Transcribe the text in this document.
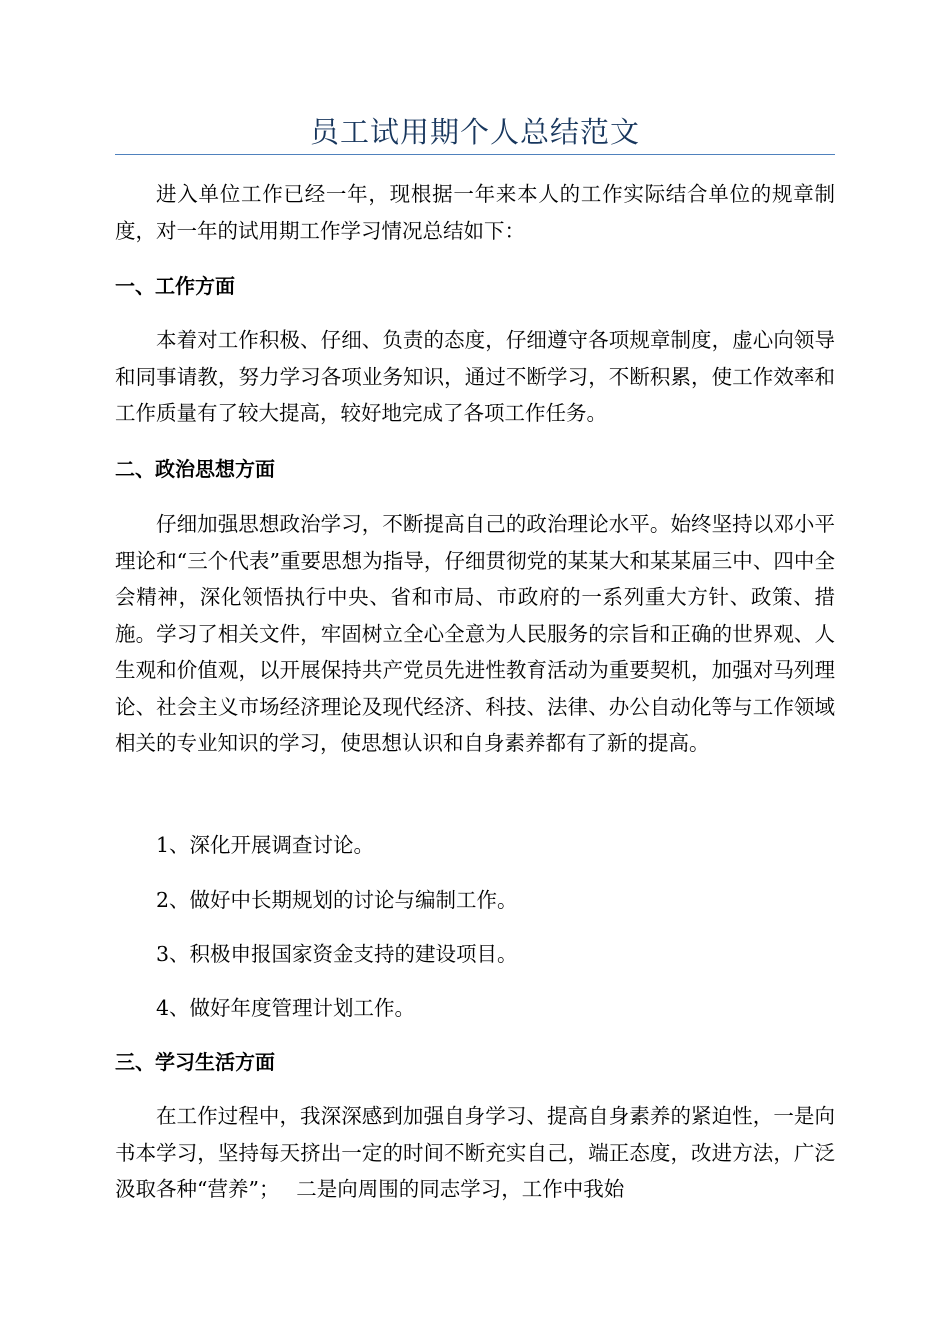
员工试用期个人总结范文

进入单位工作已经一年，现根据一年来本人的工作实际结合单位的规章制度，对一年的试用期工作学习情况总结如下：

一、工作方面

本着对工作积极、仔细、负责的态度，仔细遵守各项规章制度，虚心向领导和同事请教，努力学习各项业务知识，通过不断学习，不断积累，使工作效率和工作质量有了较大提高，较好地完成了各项工作任务。

二、政治思想方面

仔细加强思想政治学习，不断提高自己的政治理论水平。始终坚持以邓小平理论和“三个代表”重要思想为指导，仔细贯彻党的某某大和某某届三中、四中全会精神，深化领悟执行中央、省和市局、市政府的一系列重大方针、政策、措施。学习了相关文件，牢固树立全心全意为人民服务的宗旨和正确的世界观、人生观和价值观，以开展保持共产党员先进性教育活动为重要契机，加强对马列理论、社会主义市场经济理论及现代经济、科技、法律、办公自动化等与工作领域相关的专业知识的学习，使思想认识和自身素养都有了新的提高。

1、深化开展调查讨论。

2、做好中长期规划的讨论与编制工作。

3、积极申报国家资金支持的建设项目。

4、做好年度管理计划工作。

三、学习生活方面

在工作过程中，我深深感到加强自身学习、提高自身素养的紧迫性，一是向书本学习，坚持每天挤出一定的时间不断充实自己，端正态度，改进方法，广泛汲取各种“营养”；　 二是向周围的同志学习，工作中我始
